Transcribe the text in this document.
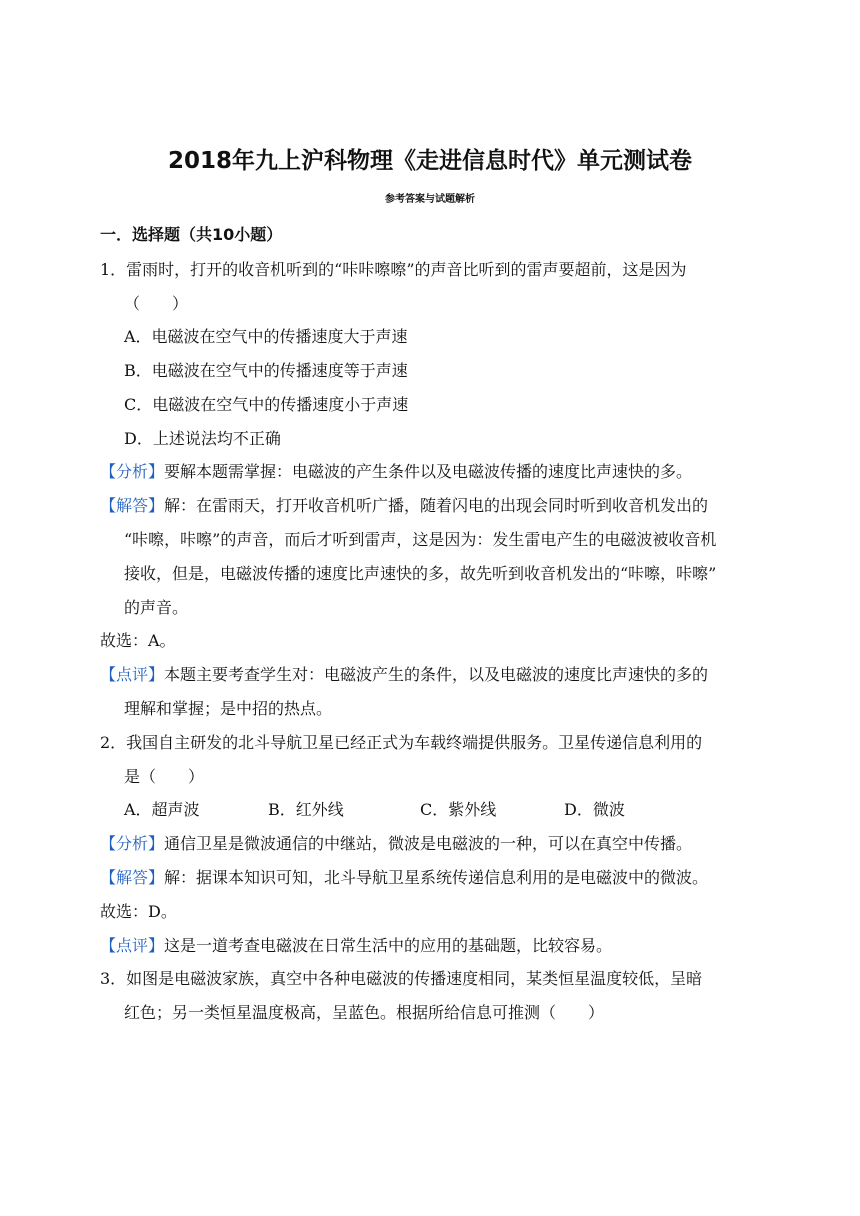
2018年九上沪科物理《走进信息时代》单元测试卷
参考答案与试题解析
一．选择题（共10小题）
1．雷雨时，打开的收音机听到的“咔咔嚓嚓”的声音比听到的雷声要超前，这是因为
（　　）
A．电磁波在空气中的传播速度大于声速
B．电磁波在空气中的传播速度等于声速
C．电磁波在空气中的传播速度小于声速
D．上述说法均不正确
【分析】要解本题需掌握：电磁波的产生条件以及电磁波传播的速度比声速快的多。
【解答】解：在雷雨天，打开收音机听广播，随着闪电的出现会同时听到收音机发出的
“咔嚓，咔嚓”的声音，而后才听到雷声，这是因为：发生雷电产生的电磁波被收音机
接收，但是，电磁波传播的速度比声速快的多，故先听到收音机发出的“咔嚓，咔嚓”
的声音。
故选：A。
【点评】本题主要考查学生对：电磁波产生的条件，以及电磁波的速度比声速快的多的
理解和掌握；是中招的热点。
2．我国自主研发的北斗导航卫星已经正式为车载终端提供服务。卫星传递信息利用的
是（　　）
A．超声波	B．红外线	C．紫外线	D．微波
【分析】通信卫星是微波通信的中继站，微波是电磁波的一种，可以在真空中传播。
【解答】解：据课本知识可知，北斗导航卫星系统传递信息利用的是电磁波中的微波。
故选：D。
【点评】这是一道考查电磁波在日常生活中的应用的基础题，比较容易。
3．如图是电磁波家族，真空中各种电磁波的传播速度相同，某类恒星温度较低，呈暗
红色；另一类恒星温度极高，呈蓝色。根据所给信息可推测（　　）
